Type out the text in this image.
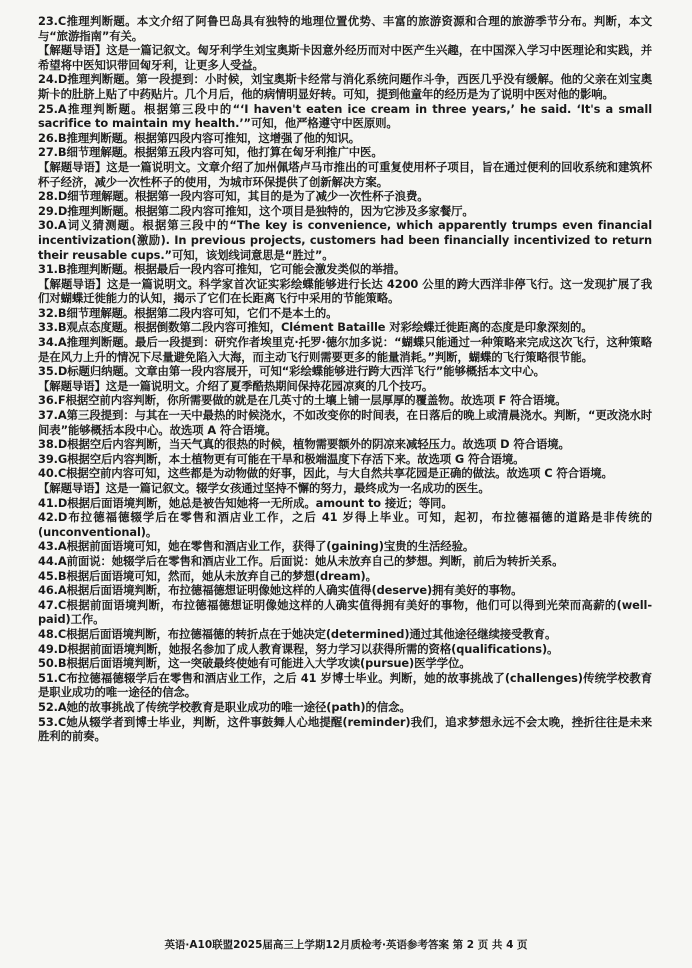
23.C推理判断题。本文介绍了阿鲁巴岛具有独特的地理位置优势、丰富的旅游资源和合理的旅游季节分布。判断，本文与“旅游指南”有关。

【解题导语】这是一篇记叙文。匈牙利学生刘宝奥斯卡因意外经历而对中医产生兴趣，在中国深入学习中医理论和实践，并希望将中医知识带回匈牙利，让更多人受益。

24.D推理判断题。第一段提到：小时候，刘宝奥斯卡经常与消化系统问题作斗争，西医几乎没有缓解。他的父亲在刘宝奥斯卡的肚脐上贴了中药贴片。几个月后，他的病情明显好转。可知，提到他童年的经历是为了说明中医对他的影响。

25.A推理判断题。根据第三段中的“‘I haven't eaten ice cream in three years,’ he said. ‘It's a small sacrifice to maintain my health.’”可知，他严格遵守中医原则。

26.B推理判断题。根据第四段内容可推知，这增强了他的知识。

27.B细节理解题。根据第五段内容可知，他打算在匈牙利推广中医。

【解题导语】这是一篇说明文。文章介绍了加州佩塔卢马市推出的可重复使用杯子项目，旨在通过便利的回收系统和建筑杯杯子经济，减少一次性杯子的使用，为城市环保提供了创新解决方案。

28.D细节理解题。根据第一段内容可知，其目的是为了减少一次性杯子浪费。

29.D推理判断题。根据第二段内容可推知，这个项目是独特的，因为它涉及多家餐厅。

30.A词义猜测题。根据第三段中的“The key is convenience, which apparently trumps even financial incentivization(激励). In previous projects, customers had been financially incentivized to return their reusable cups.”可知，该划线词意思是“胜过”。

31.B推理判断题。根据最后一段内容可推知，它可能会激发类似的举措。

【解题导语】这是一篇说明文。科学家首次证实彩绘蝶能够进行长达 4200 公里的跨大西洋非停飞行。这一发现扩展了我们对蝴蝶迁徙能力的认知，揭示了它们在长距离飞行中采用的节能策略。

32.B细节理解题。根据第二段内容可知，它们不是本土的。

33.B观点态度题。根据倒数第二段内容可推知，Clément Bataille 对彩绘蝶迁徙距离的态度是印象深刻的。

34.A推理判断题。最后一段提到：研究作者埃里克·托罗·德尔加多说：“蝴蝶只能通过一种策略来完成这次飞行，这种策略是在风力上升的情况下尽量避免陷入大海，而主动飞行则需要更多的能量消耗。”判断，蝴蝶的飞行策略很节能。

35.D标题归纳题。文章由第一段内容展开，可知“彩绘蝶能够进行跨大西洋飞行”能够概括本文中心。

【解题导语】这是一篇说明文。介绍了夏季酷热期间保持花园凉爽的几个技巧。

36.F根据空前内容判断，你所需要做的就是在几英寸的土壤上铺一层厚厚的覆盖物。故选项 F 符合语境。

37.A第三段提到：与其在一天中最热的时候浇水，不如改变你的时间表，在日落后的晚上或清晨浇水。判断，“更改浇水时间表”能够概括本段中心。故选项 A 符合语境。

38.D根据空后内容判断，当天气真的很热的时候，植物需要额外的阴凉来减轻压力。故选项 D 符合语境。

39.G根据空后内容判断，本土植物更有可能在干旱和极端温度下存活下来。故选项 G 符合语境。

40.C根据空前内容可知，这些都是为动物做的好事，因此，与大自然共享花园是正确的做法。故选项 C 符合语境。

【解题导语】这是一篇记叙文。辍学女孩通过坚持不懈的努力，最终成为一名成功的医生。

41.D根据后面语境判断，她总是被告知她将一无所成。amount to 接近；等同。

42.D布拉德福德辍学后在零售和酒店业工作，之后 41 岁得上毕业。可知，起初，布拉德福德的道路是非传统的(unconventional)。

43.A根据前面语境可知，她在零售和酒店业工作，获得了(gaining)宝贵的生活经验。

44.A前面说：她辍学后在零售和酒店业工作。后面说：她从未放弃自己的梦想。判断，前后为转折关系。

45.B根据后面语境可知，然而，她从未放弃自己的梦想(dream)。

46.A根据后面语境判断，布拉德福德想证明像她这样的人确实值得(deserve)拥有美好的事物。

47.C根据前面语境判断，布拉德福德想证明像她这样的人确实值得拥有美好的事物，他们可以得到光荣而高薪的(well-paid)工作。

48.C根据后面语境判断，布拉德福德的转折点在于她决定(determined)通过其他途径继续接受教育。

49.D根据前面语境判断，她报名参加了成人教育课程，努力学习以获得所需的资格(qualifications)。

50.B根据后面语境判断，这一突破最终使她有可能进入大学攻读(pursue)医学学位。

51.C布拉德福德辍学后在零售和酒店业工作，之后 41 岁博士毕业。判断，她的故事挑战了(challenges)传统学校教育是职业成功的唯一途径的信念。

52.A她的故事挑战了传统学校教育是职业成功的唯一途径(path)的信念。

53.C她从辍学者到博士毕业，判断，这件事鼓舞人心地提醒(reminder)我们，追求梦想永远不会太晚，挫折往往是未来胜利的前奏。

英语·A10联盟2025届高三上学期12月质检考·英语参考答案 第 2 页 共 4 页
